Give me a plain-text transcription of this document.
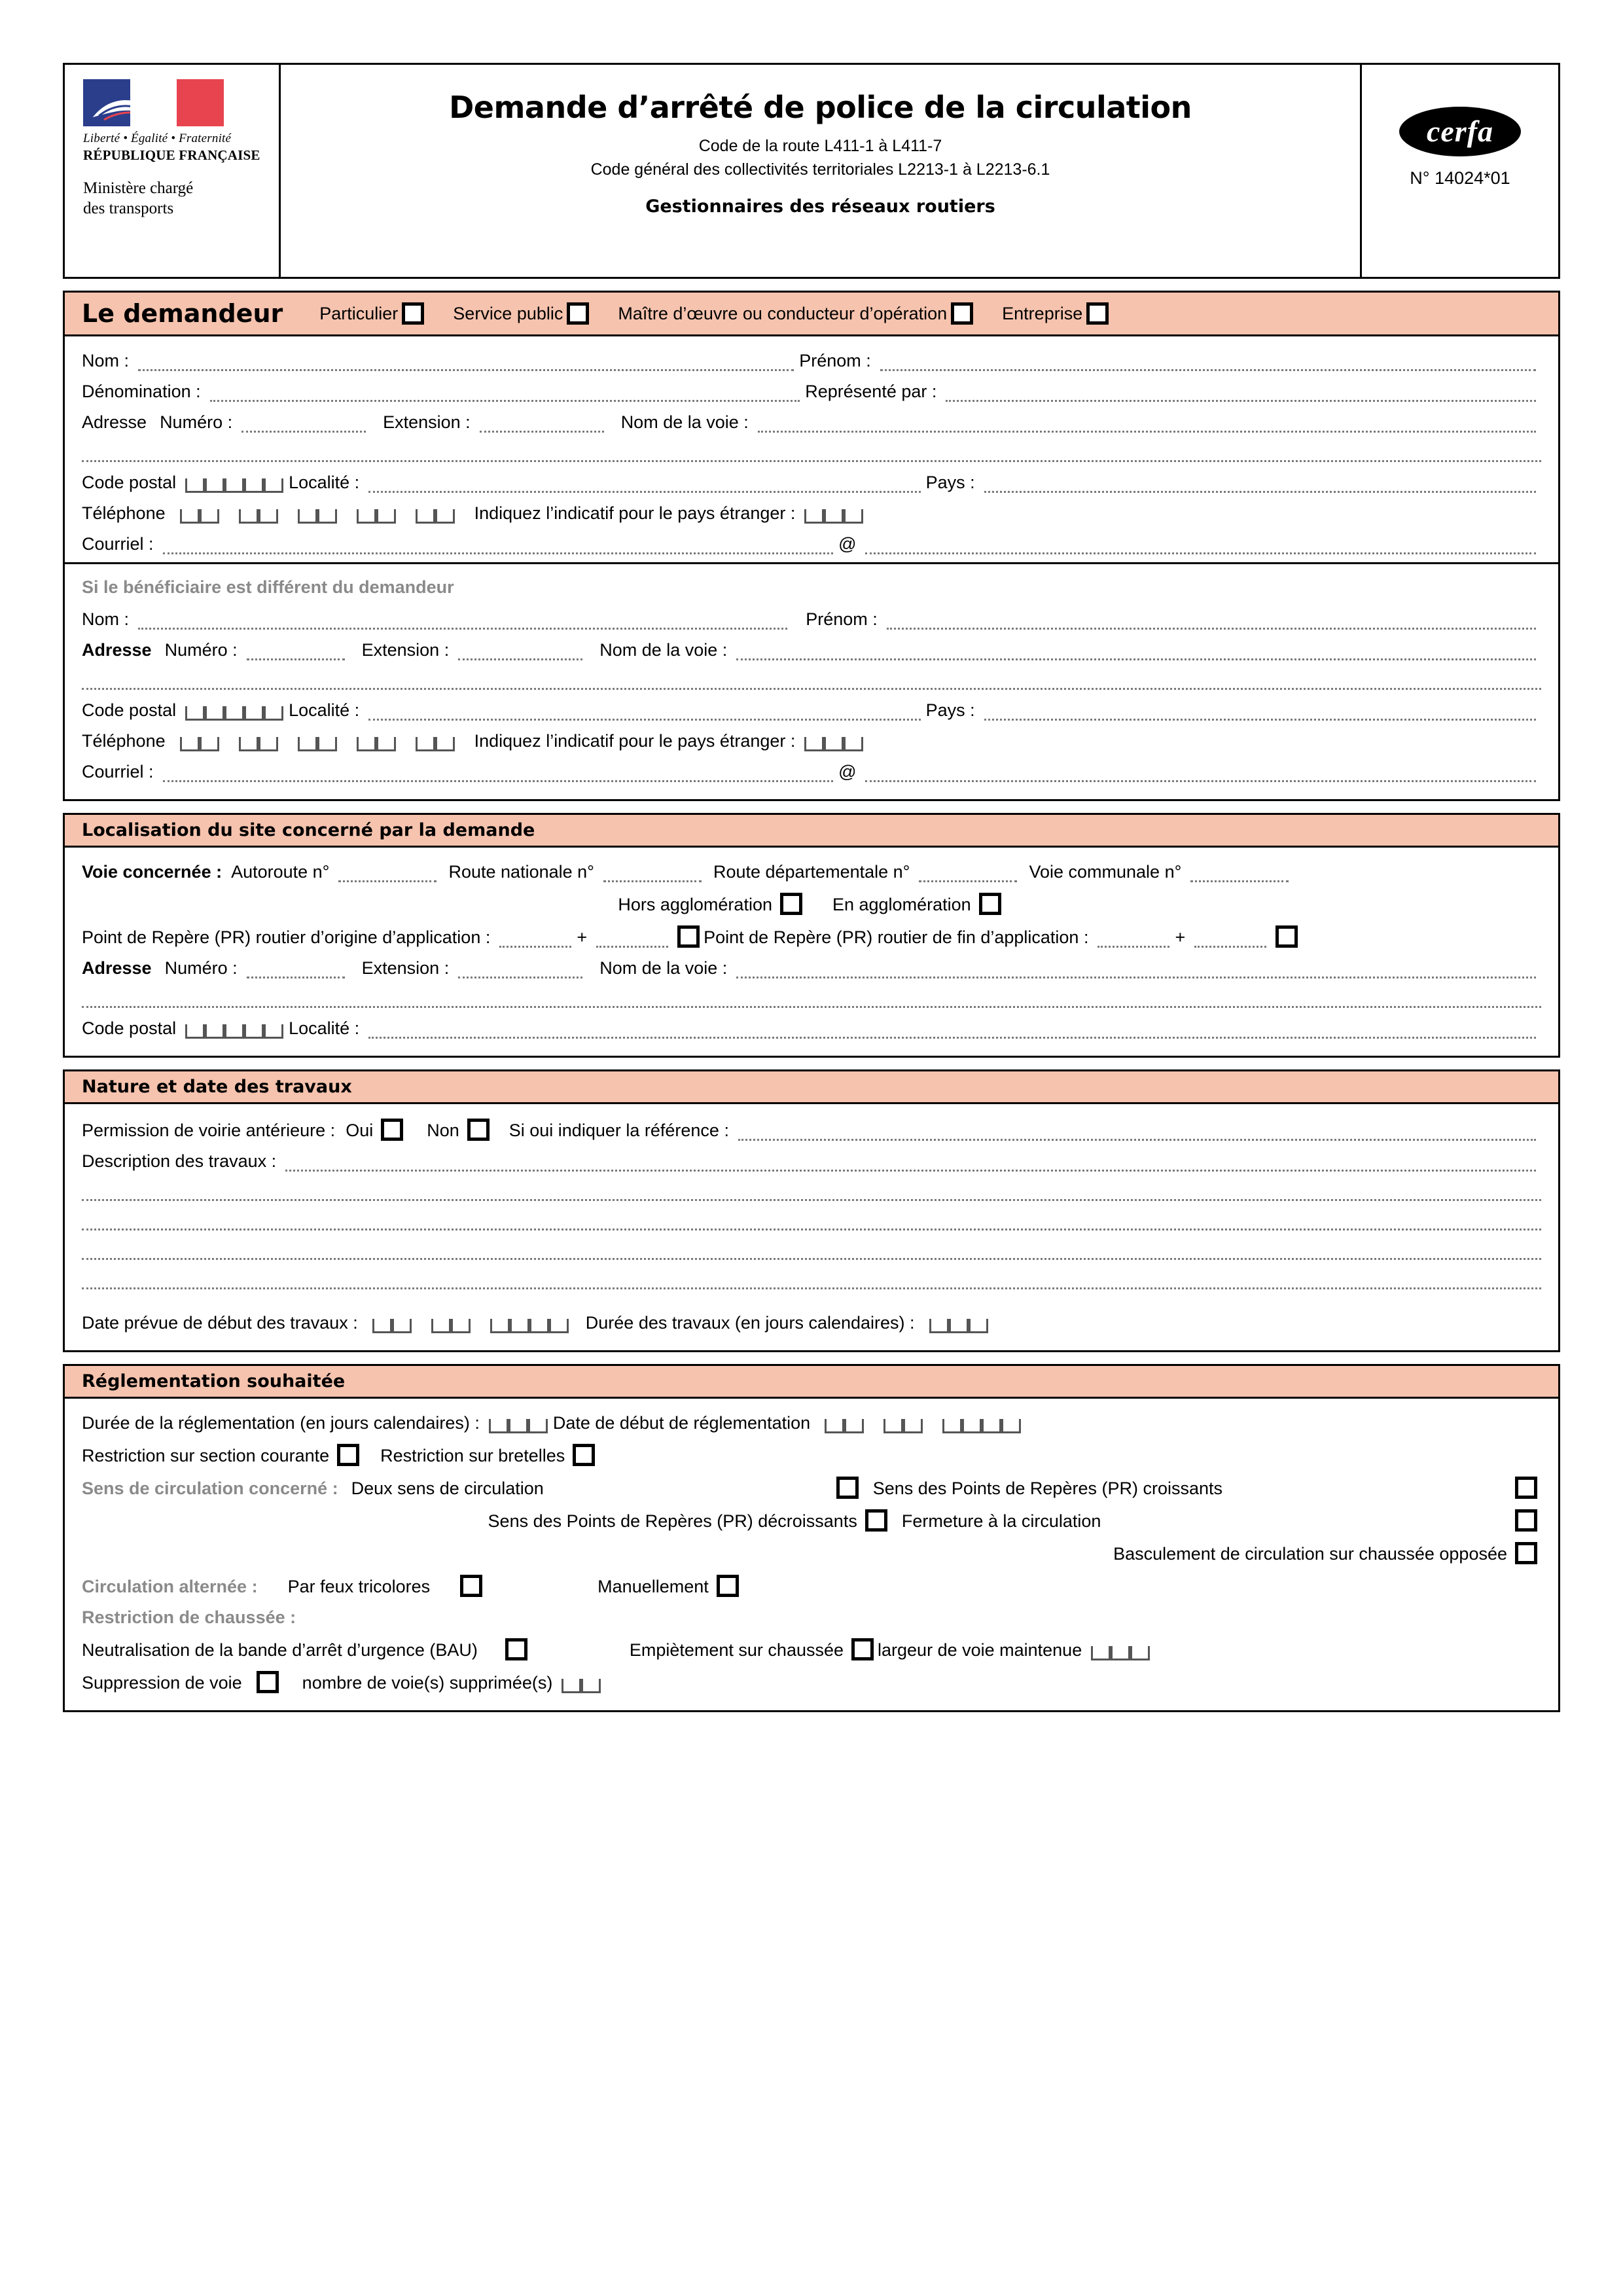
Liberté • Égalité • Fraternité
RÉPUBLIQUE FRANÇAISE
Ministère chargé
des transports
Demande d’arrêté de police de la circulation
Code de la route L411-1 à L411-7
Code général des collectivités territoriales L2213-1 à L2213-6.1
Gestionnaires des réseaux routiers
cerfa
N° 14024*01
Le demandeur Particulier	Service public	Maître d’œuvre ou conducteur d’opération	Entreprise
Nom :	Prénom :
Dénomination :	Représenté par :
Adresse Numéro :	Extension :	Nom de la voie :
Code postal	Localité :	Pays :
Téléphone	Indiquez l’indicatif pour le pays étranger :
Courriel :	@
Si le bénéficiaire est différent du demandeur
Nom :	Prénom :
Adresse Numéro :	Extension :	Nom de la voie :
Code postal	Localité :	Pays :
Téléphone	Indiquez l’indicatif pour le pays étranger :
Courriel :	@
Localisation du site concerné par la demande
Voie concernée : Autoroute n°	Route nationale n°	Route départementale n°	Voie communale n°
Hors agglomération	En agglomération
Point de Repère (PR) routier d’origine d’application :	+	Point de Repère (PR) routier de fin d’application :	+
Adresse Numéro :	Extension :	Nom de la voie :
Code postal	Localité :
Nature et date des travaux
Permission de voirie antérieure : Oui	Non	Si oui indiquer la référence :
Description des travaux :
Date prévue de début des travaux :	Durée des travaux (en jours calendaires) :
Réglementation souhaitée
Durée de la réglementation (en jours calendaires) :	Date de début de réglementation
Restriction sur section courante	Restriction sur bretelles
Sens de circulation concerné : Deux sens de circulation	Sens des Points de Repères (PR) croissants
Sens des Points de Repères (PR) décroissants	Fermeture à la circulation
Basculement de circulation sur chaussée opposée
Circulation alternée : Par feux tricolores	Manuellement
Restriction de chaussée :
Neutralisation de la bande d’arrêt d’urgence (BAU)	Empiètement sur chaussée largeur de voie maintenue
Suppression de voie	nombre de voie(s) supprimée(s)
